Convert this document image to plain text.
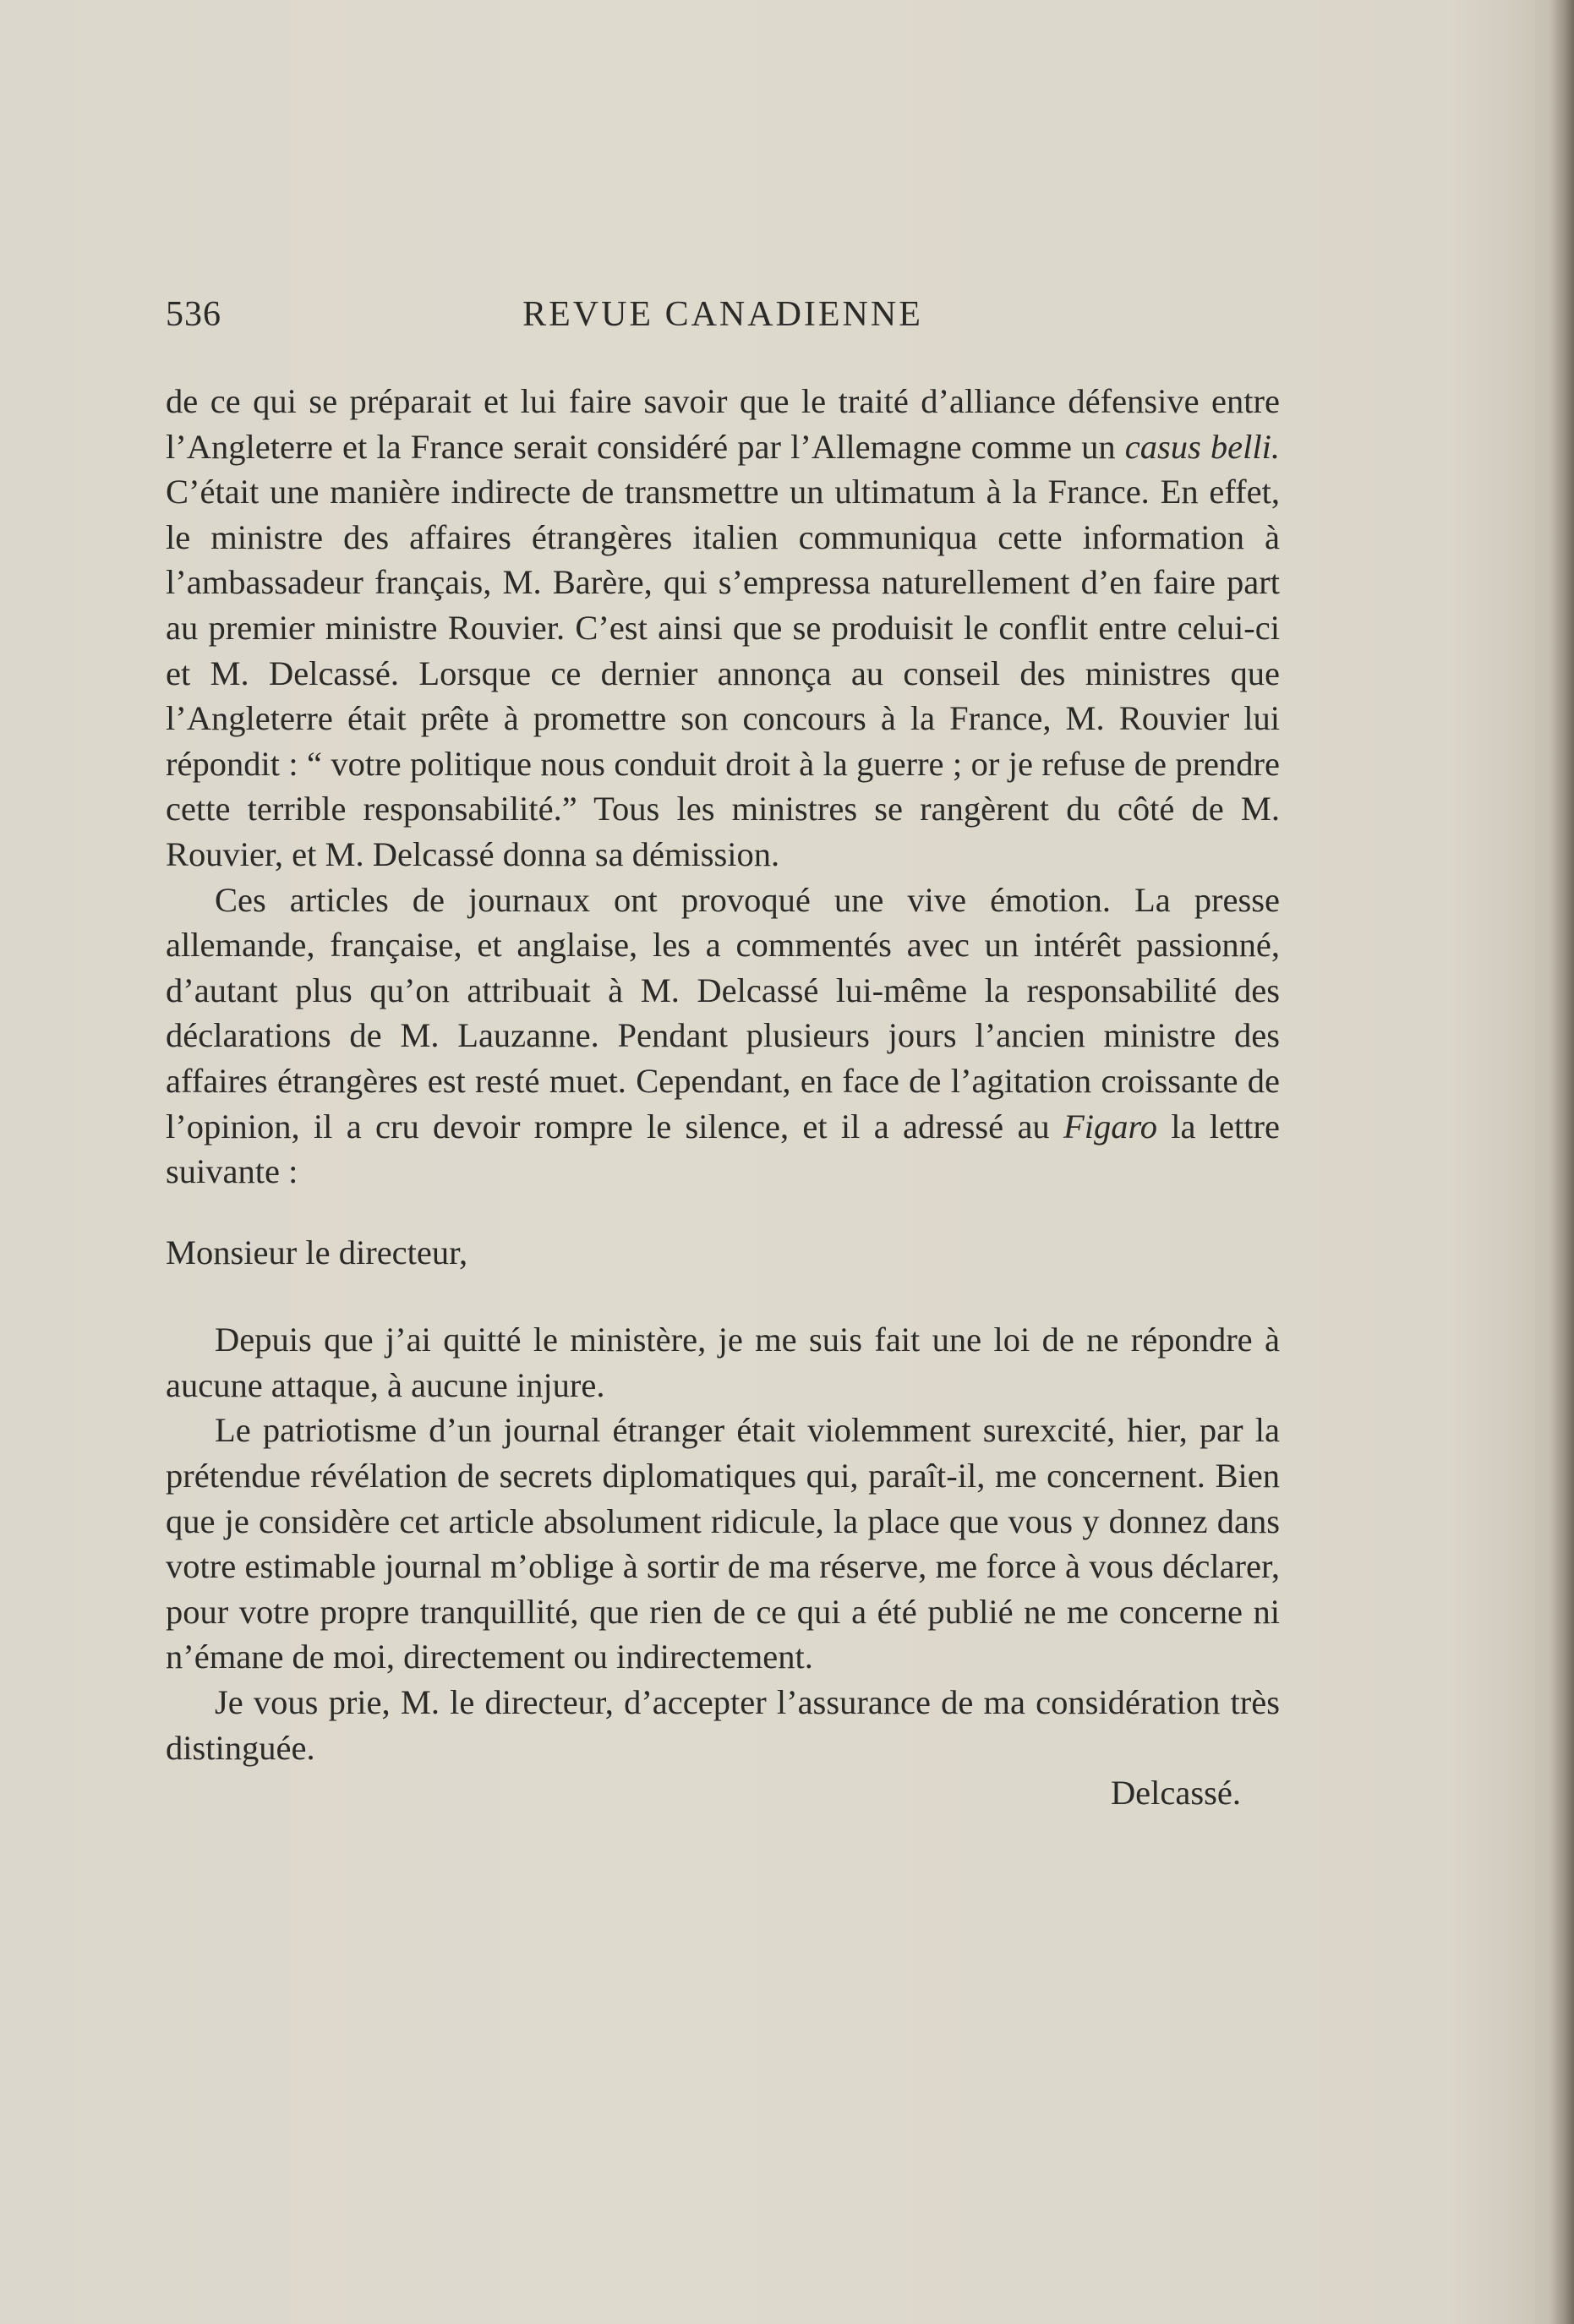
536	REVUE CANADIENNE

de ce qui se préparait et lui faire savoir que le traité d’alliance défensive entre l’Angleterre et la France serait considéré par l’Allemagne comme un casus belli. C’était une manière indirecte de transmettre un ultimatum à la France. En effet, le ministre des affaires étrangères italien communiqua cette information à l’ambassadeur français, M. Barère, qui s’empressa naturellement d’en faire part au premier ministre Rouvier. C’est ainsi que se produisit le conflit entre celui-ci et M. Delcassé. Lorsque ce dernier annonça au conseil des ministres que l’Angleterre était prête à promettre son concours à la France, M. Rouvier lui répondit : “ votre politique nous conduit droit à la guerre ; or je refuse de prendre cette terrible responsabilité.” Tous les ministres se rangèrent du côté de M. Rouvier, et M. Delcassé donna sa démission.

Ces articles de journaux ont provoqué une vive émotion. La presse allemande, française, et anglaise, les a commentés avec un intérêt passionné, d’autant plus qu’on attribuait à M. Delcassé lui-même la responsabilité des déclarations de M. Lauzanne. Pendant plusieurs jours l’ancien ministre des affaires étrangères est resté muet. Cependant, en face de l’agitation croissante de l’opinion, il a cru devoir rompre le silence, et il a adressé au Figaro la lettre suivante :

Monsieur le directeur,

Depuis que j’ai quitté le ministère, je me suis fait une loi de ne répondre à aucune attaque, à aucune injure.

Le patriotisme d’un journal étranger était violemment surexcité, hier, par la prétendue révélation de secrets diplomatiques qui, paraît-il, me concernent. Bien que je considère cet article absolument ridicule, la place que vous y donnez dans votre estimable journal m’oblige à sortir de ma réserve, me force à vous déclarer, pour votre propre tranquillité, que rien de ce qui a été publié ne me concerne ni n’émane de moi, directement ou indirectement.

Je vous prie, M. le directeur, d’accepter l’assurance de ma considération très distinguée.

Delcassé.
